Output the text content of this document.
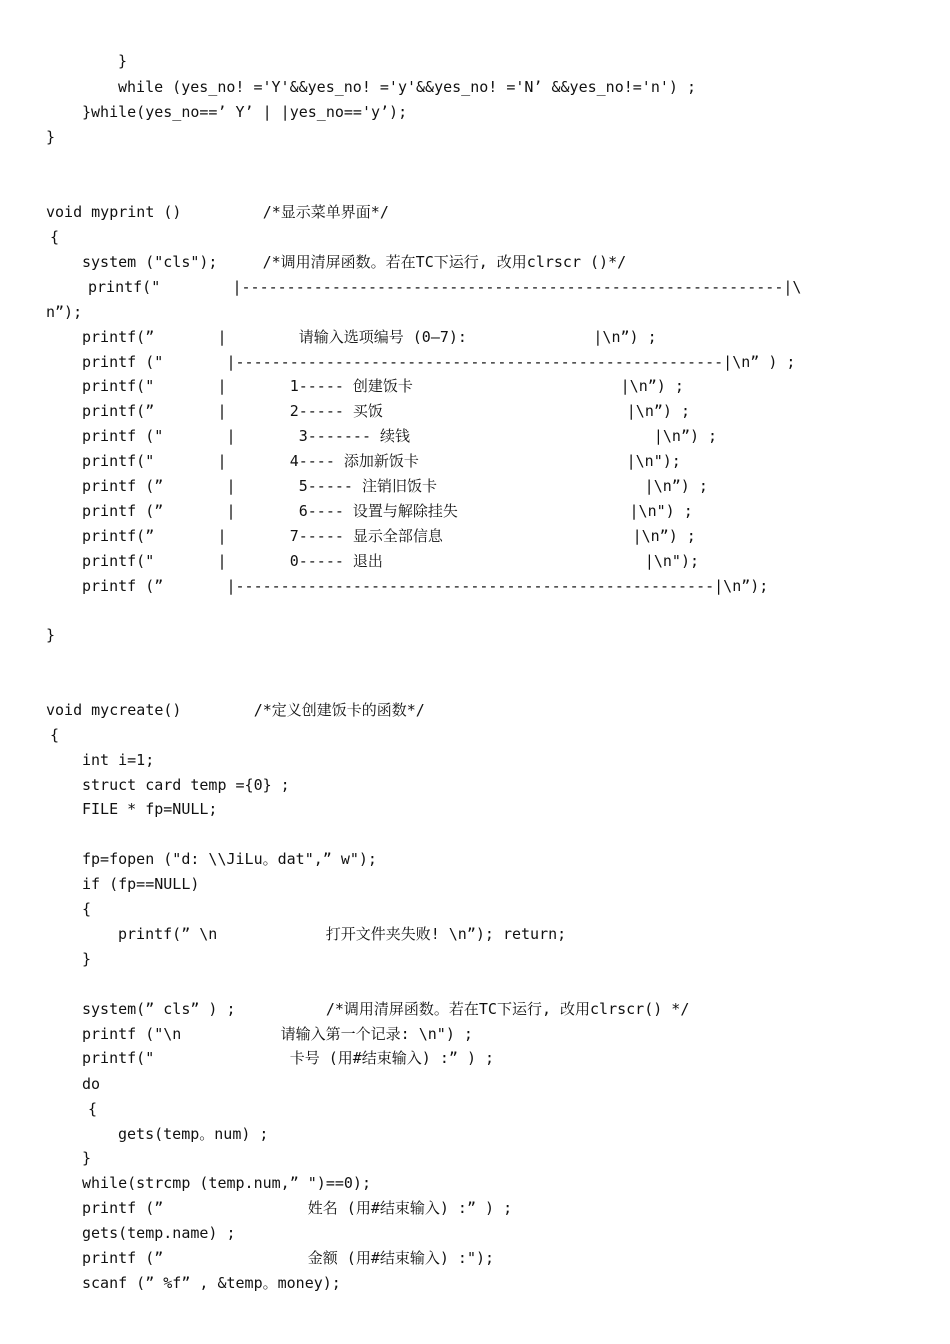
}
while (yes_no! ='Y'&&yes_no! ='y'&&yes_no! ='N’ &&yes_no!='n') ;
}while(yes_no==’ Y’ | |yes_no=='y’);
}
void myprint ()         /*显示菜单界面*/
{
system ("cls");     /*调用清屏函数。若在TC下运行, 改用clrscr ()*/
printf("        |------------------------------------------------------------|\
n”);
printf(”       |        请输入选项编号 (0—7):              |\n”) ;
printf ("       |------------------------------------------------------|\n” ) ;
printf("       |       1----- 创建饭卡                       |\n”) ;
printf(”       |       2----- 买饭                           |\n”) ;
printf ("       |       3------- 续钱                           |\n”) ;
printf("       |       4---- 添加新饭卡                       |\n");
printf (”       |       5----- 注销旧饭卡                       |\n”) ;
printf (”       |       6---- 设置与解除挂失                   |\n") ;
printf(”       |       7----- 显示全部信息                     |\n”) ;
printf("       |       0----- 退出                             |\n");
printf (”       |-----------------------------------------------------|\n”);
}
void mycreate()        /*定义创建饭卡的函数*/
{
int i=1;
struct card temp ={0} ;
FILE * fp=NULL;
fp=fopen ("d: \\JiLu。dat",” w");
if (fp==NULL)
{
printf(” \n            打开文件夹失败! \n”); return;
}
system(” cls” ) ;          /*调用清屏函数。若在TC下运行, 改用clrscr() */
printf ("\n           请输入第一个记录: \n") ;
printf("               卡号 (用#结束输入) :” ) ;
do
{
gets(temp。num) ;
}
while(strcmp (temp.num,” ")==0);
printf (”                姓名 (用#结束输入) :” ) ;
gets(temp.name) ;
printf (”                金额 (用#结束输入) :");
scanf (” %f” , &temp。money);
